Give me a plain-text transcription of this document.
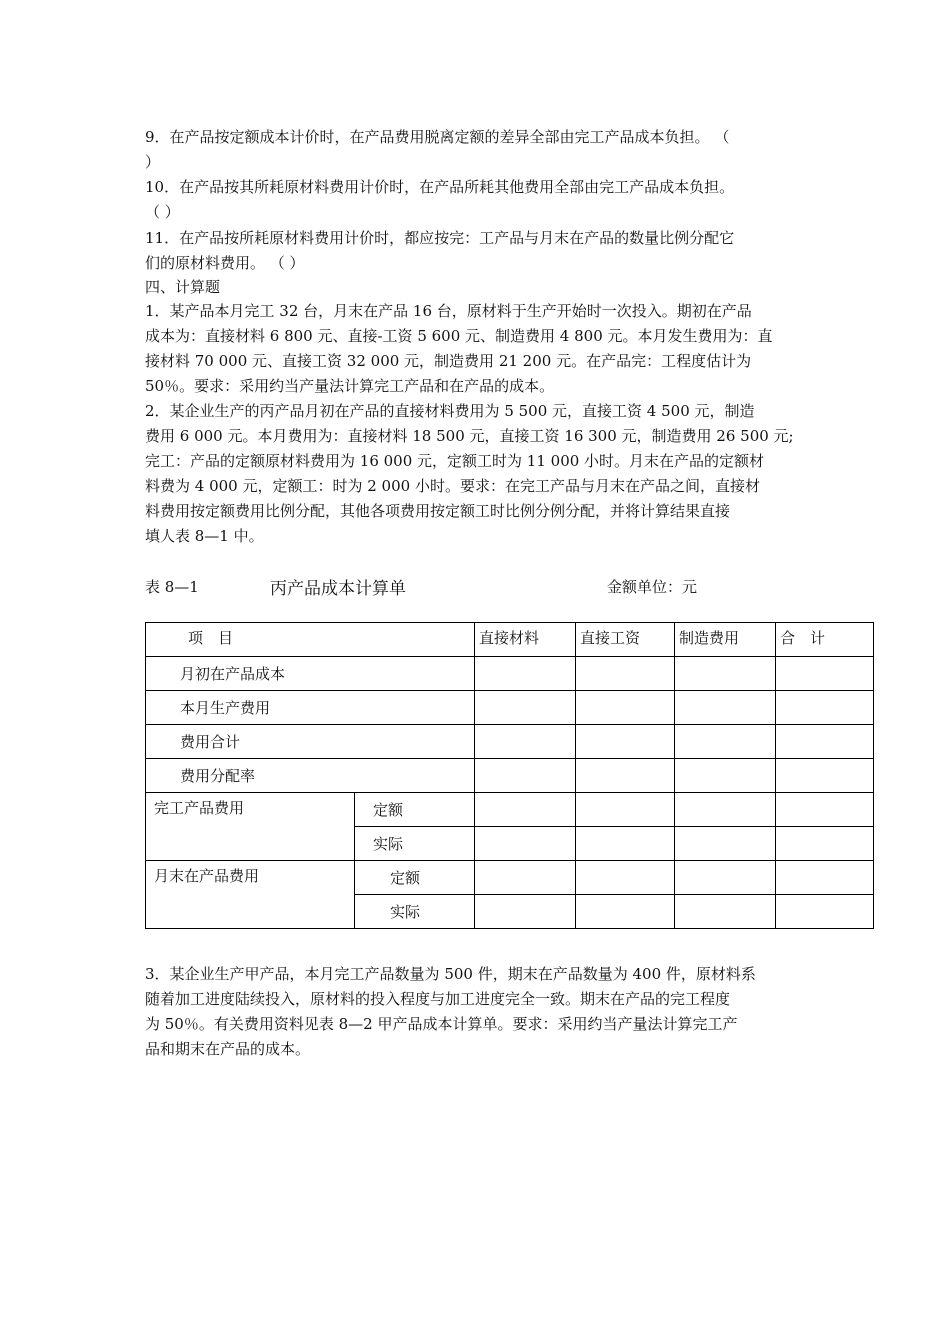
9．在产品按定额成本计价时，在产品费用脱离定额的差异全部由完工产品成本负担。 （
）
10．在产品按其所耗原材料费用计价时，在产品所耗其他费用全部由完工产品成本负担。
（ ）
11．在产品按所耗原材料费用计价时，都应按完：工产品与月末在产品的数量比例分配它
们的原材料费用。 （ ）
四、计算题
1．某产品本月完工 32 台，月末在产品 16 台，原材料于生产开始时一次投入。期初在产品
成本为：直接材料 6 800 元、直接-工资 5 600 元、制造费用 4 800 元。本月发生费用为：直
接材料 70 000 元、直接工资 32 000 元，制造费用 21 200 元。在产品完：工程度估计为
50％。要求：采用约当产量法计算完工产品和在产品的成本。
2．某企业生产的丙产品月初在产品的直接材料费用为 5 500 元，直接工资 4 500 元，制造
费用 6 000 元。本月费用为：直接材料 18 500 元，直接工资 16 300 元，制造费用 26 500 元;
完工：产品的定额原材料费用为 16 000 元，定额工时为 11 000 小时。月末在产品的定额材
料费为 4 000 元，定额工：时为 2 000 小时。要求：在完工产品与月末在产品之间，直接材
料费用按定额费用比例分配，其他各项费用按定额工时比例分例分配，并将计算结果直接
填人表 8—1 中。
表 8—1	丙产品成本计算单	金额单位：元
项　目		直接材料	直接工资	制造费用	合　计
月初在产品成本					
本月生产费用					
费用合计					
费用分配率					
完工产品费用	定额				
	实际				
月末在产品费用	定额				
	实际				
3．某企业生产甲产品，本月完工产品数量为 500 件，期末在产品数量为 400 件，原材料系
随着加工进度陆续投入，原材料的投入程度与加工进度完全一致。期末在产品的完工程度
为 50％。有关费用资料见表 8—2 甲产品成本计算单。要求：采用约当产量法计算完工产
品和期末在产品的成本。
